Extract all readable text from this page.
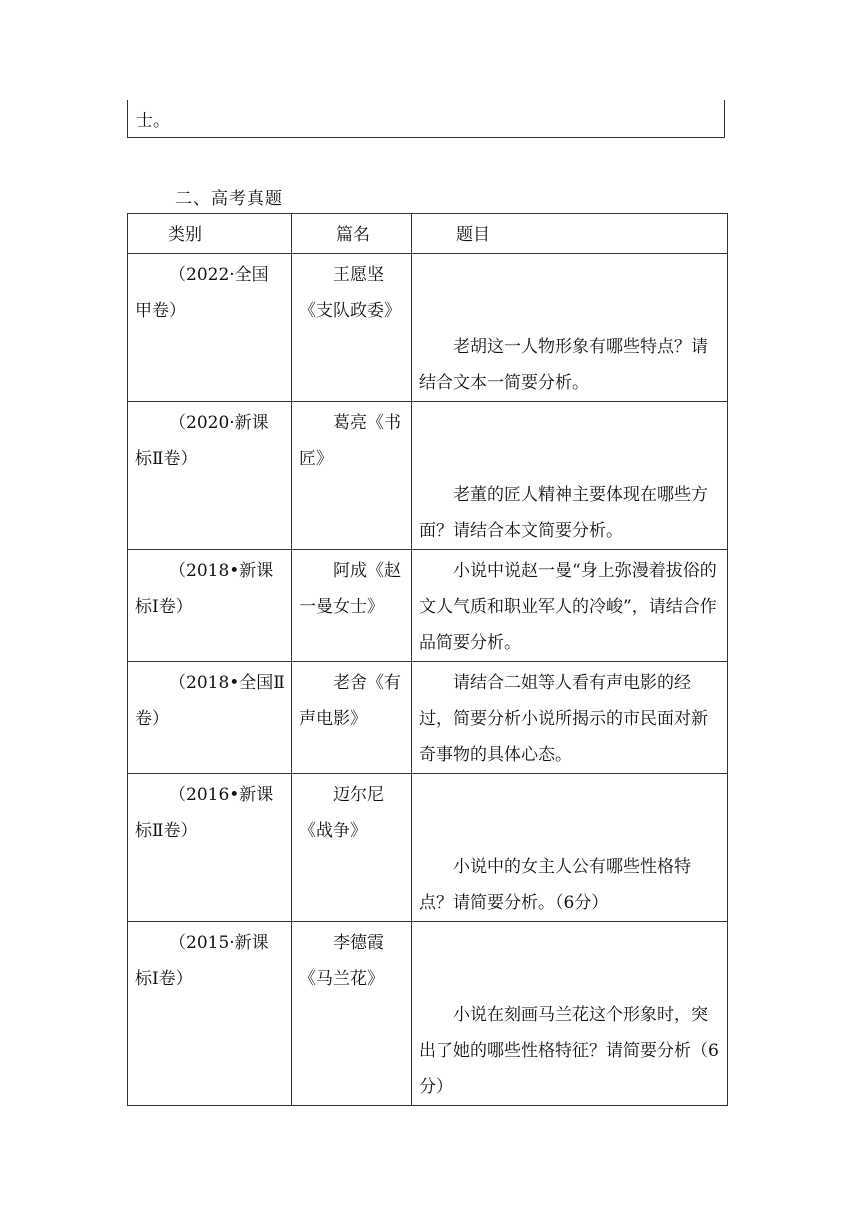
士。
二、高考真题
类别	篇名	题目
（2022·全国甲卷）	王愿坚《支队政委》	老胡这一人物形象有哪些特点？请结合文本一简要分析。

（2020·新课标Ⅱ卷）	葛亮《书匠》	老董的匠人精神主要体现在哪些方面？请结合本文简要分析。

（2018•新课标Ⅰ卷）	阿成《赵一曼女士》	小说中说赵一曼“身上弥漫着拔俗的文人气质和职业军人的冷峻”，请结合作品简要分析。
（2018•全国Ⅱ卷）	老舍《有声电影》	请结合二姐等人看有声电影的经过，简要分析小说所揭示的市民面对新奇事物的具体心态。
（2016•新课标Ⅱ卷）	迈尔尼《战争》	小说中的女主人公有哪些性格特点？请简要分析。（6分）

（2015·新课标Ⅰ卷）	李德霞《马兰花》	小说在刻画马兰花这个形象时，突出了她的哪些性格特征？请简要分析（6分）
